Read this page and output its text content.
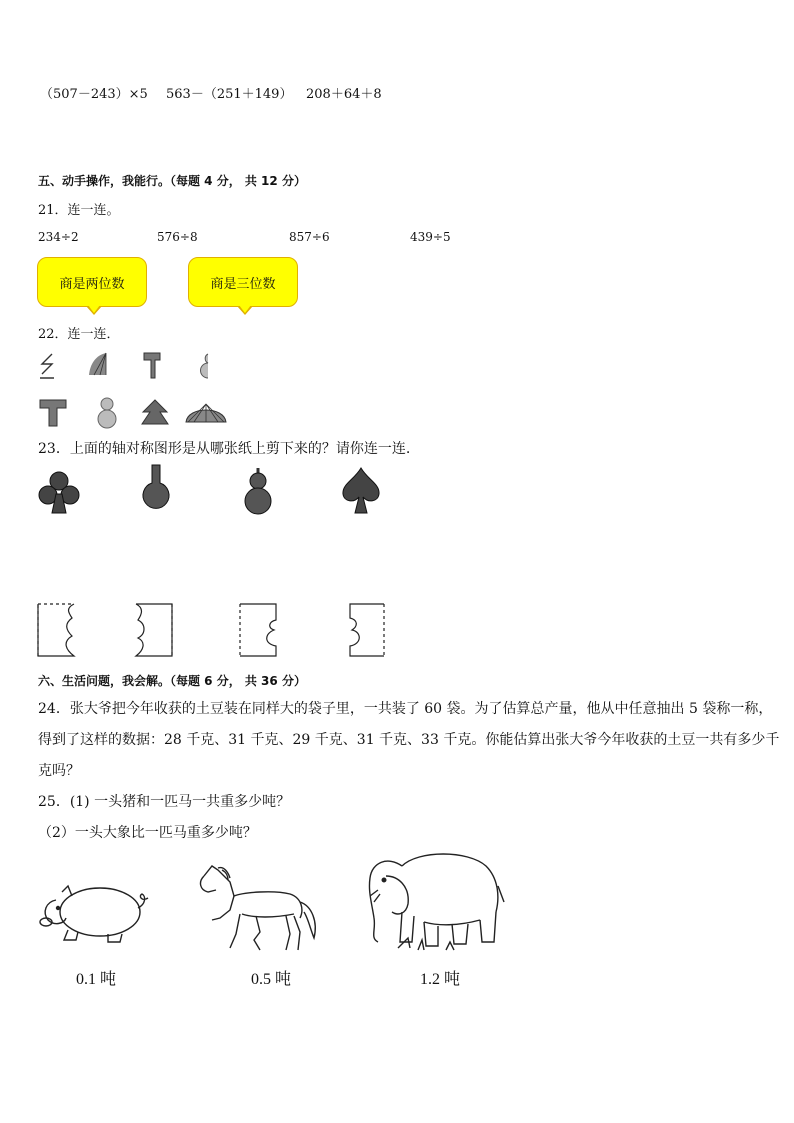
（507－243）×5 563－（251＋149） 208＋64＋8
五、动手操作，我能行。（每题 4 分， 共 12 分）
21．连一连。
234÷2	576÷8	857÷6	439÷5
商是两位数	商是三位数
22．连一连．
23．上面的轴对称图形是从哪张纸上剪下来的？请你连一连.
六、生活问题，我会解。（每题 6 分， 共 36 分）
24．张大爷把今年收获的土豆装在同样大的袋子里，一共装了 60 袋。为了估算总产量，他从中任意抽出 5 袋称一称，
得到了这样的数据：28 千克、31 千克、29 千克、31 千克、33 千克。你能估算出张大爷今年收获的土豆一共有多少千
克吗？
25．(1) 一头猪和一匹马一共重多少吨？
（2）一头大象比一匹马重多少吨？
0.1 吨	0.5 吨	1.2 吨
